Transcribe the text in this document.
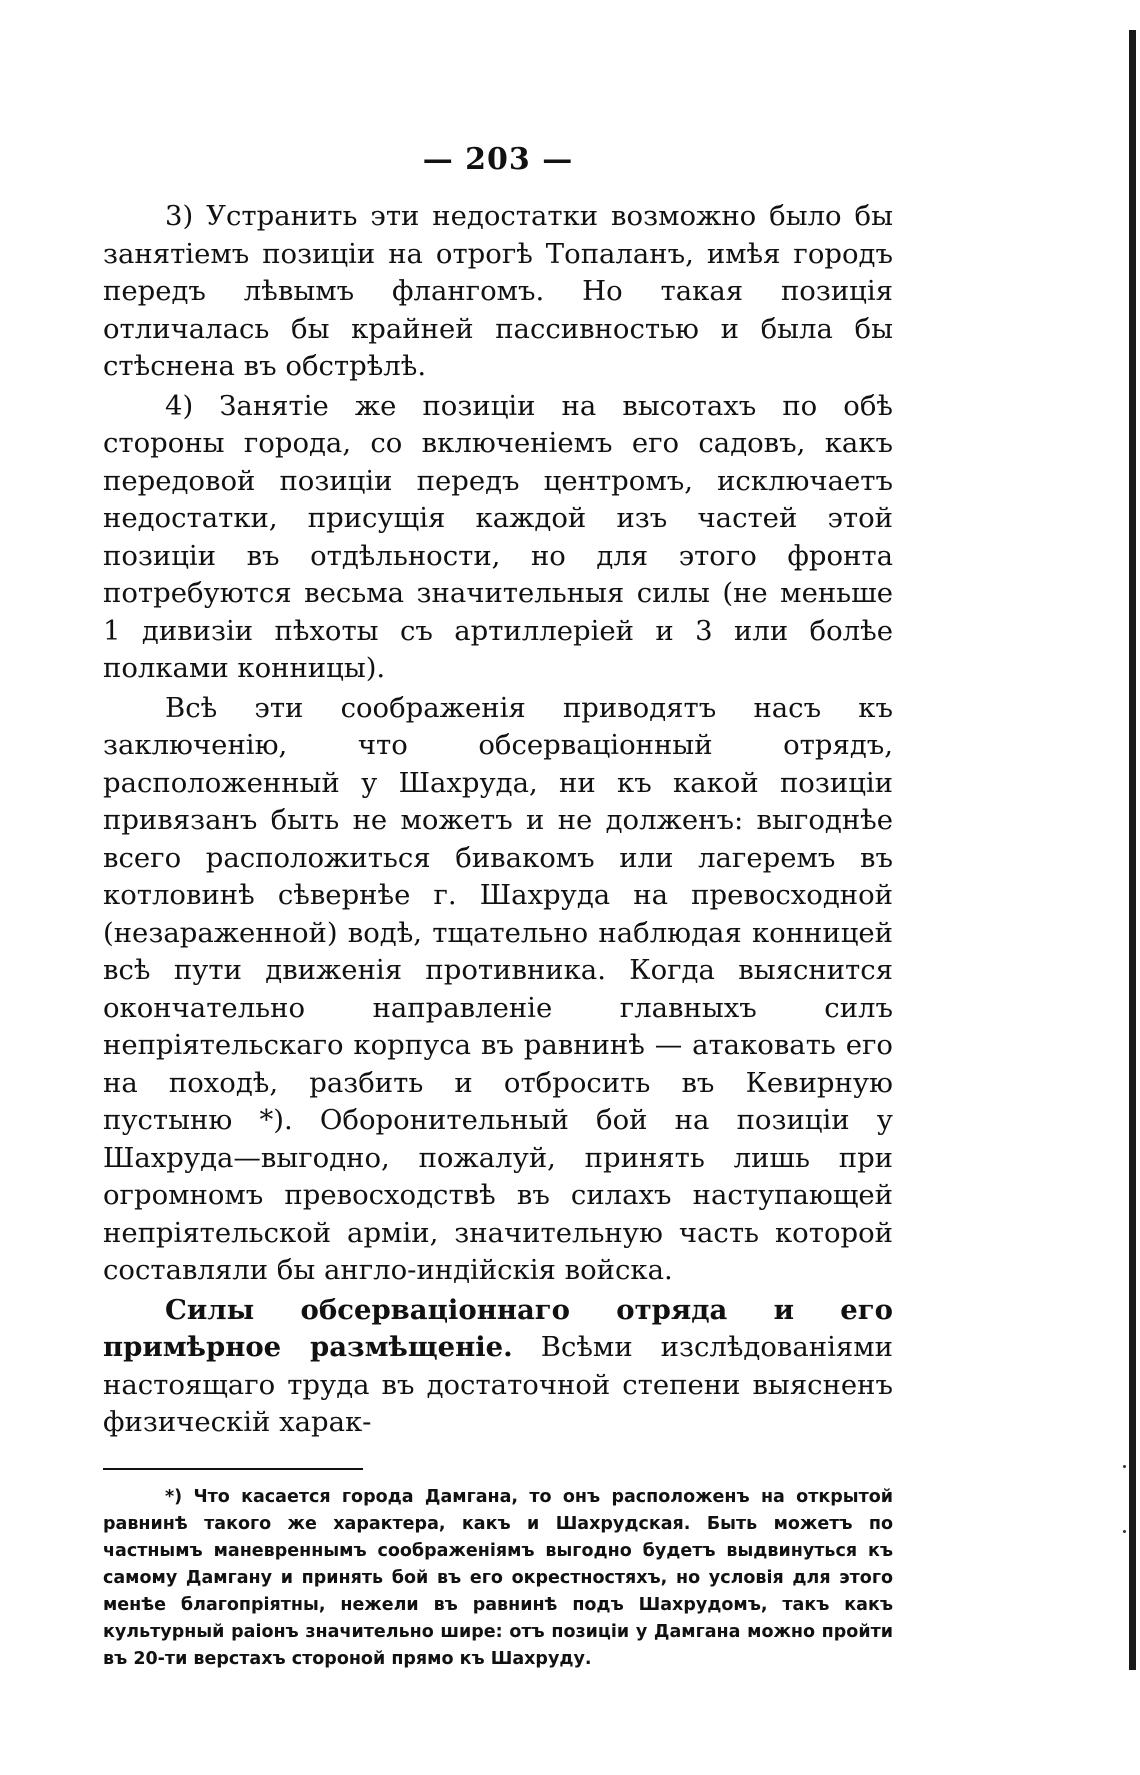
— 203 —

3) Устранить эти недостатки возможно было бы занятіемъ позиціи на отрогѣ Топаланъ, имѣя городъ передъ лѣвымъ флангомъ. Но такая позиція отличалась бы крайней пассивностью и была бы стѣснена въ обстрѣлѣ.

4) Занятіе же позиціи на высотахъ по обѣ стороны города, со включеніемъ его садовъ, какъ передовой позиціи передъ центромъ, исключаетъ недостатки, присущія каждой изъ частей этой позиціи въ отдѣльности, но для этого фронта потребуются весьма значительныя силы (не меньше 1 дивизіи пѣхоты съ артиллеріей и 3 или болѣе полками конницы).

Всѣ эти соображенія приводятъ насъ къ заключенію, что обсерваціонный отрядъ, расположенный у Шахруда, ни къ какой позиціи привязанъ быть не можетъ и не долженъ: выгоднѣе всего расположиться бивакомъ или лагеремъ въ котловинѣ сѣвернѣе г. Шахруда на превосходной (незараженной) водѣ, тщательно наблюдая конницей всѣ пути движенія противника. Когда выяснится окончательно направленіе главныхъ силъ непріятельскаго корпуса въ равнинѣ — атаковать его на походѣ, разбить и отбросить въ Кевирную пустыню *). Оборонительный бой на позиціи у Шахруда—выгодно, пожалуй, принять лишь при огромномъ превосходствѣ въ силахъ наступающей непріятельской арміи, значительную часть которой составляли бы англо-индійскія войска.

Силы обсерваціоннаго отряда и его примѣрное размѣщеніе. Всѣми изслѣдованіями настоящаго труда въ достаточной степени выясненъ физическій харак-

*) Что касается города Дамгана, то онъ расположенъ на открытой равнинѣ такого же характера, какъ и Шахрудская. Быть можетъ по частнымъ маневреннымъ соображеніямъ выгодно будетъ выдвинуться къ самому Дамгану и принять бой въ его окрестностяхъ, но условія для этого менѣе благопріятны, нежели въ равнинѣ подъ Шахрудомъ, такъ какъ культурный раіонъ значительно шире: отъ позиціи у Дамгана можно пройти въ 20-ти верстахъ стороной прямо къ Шахруду.
